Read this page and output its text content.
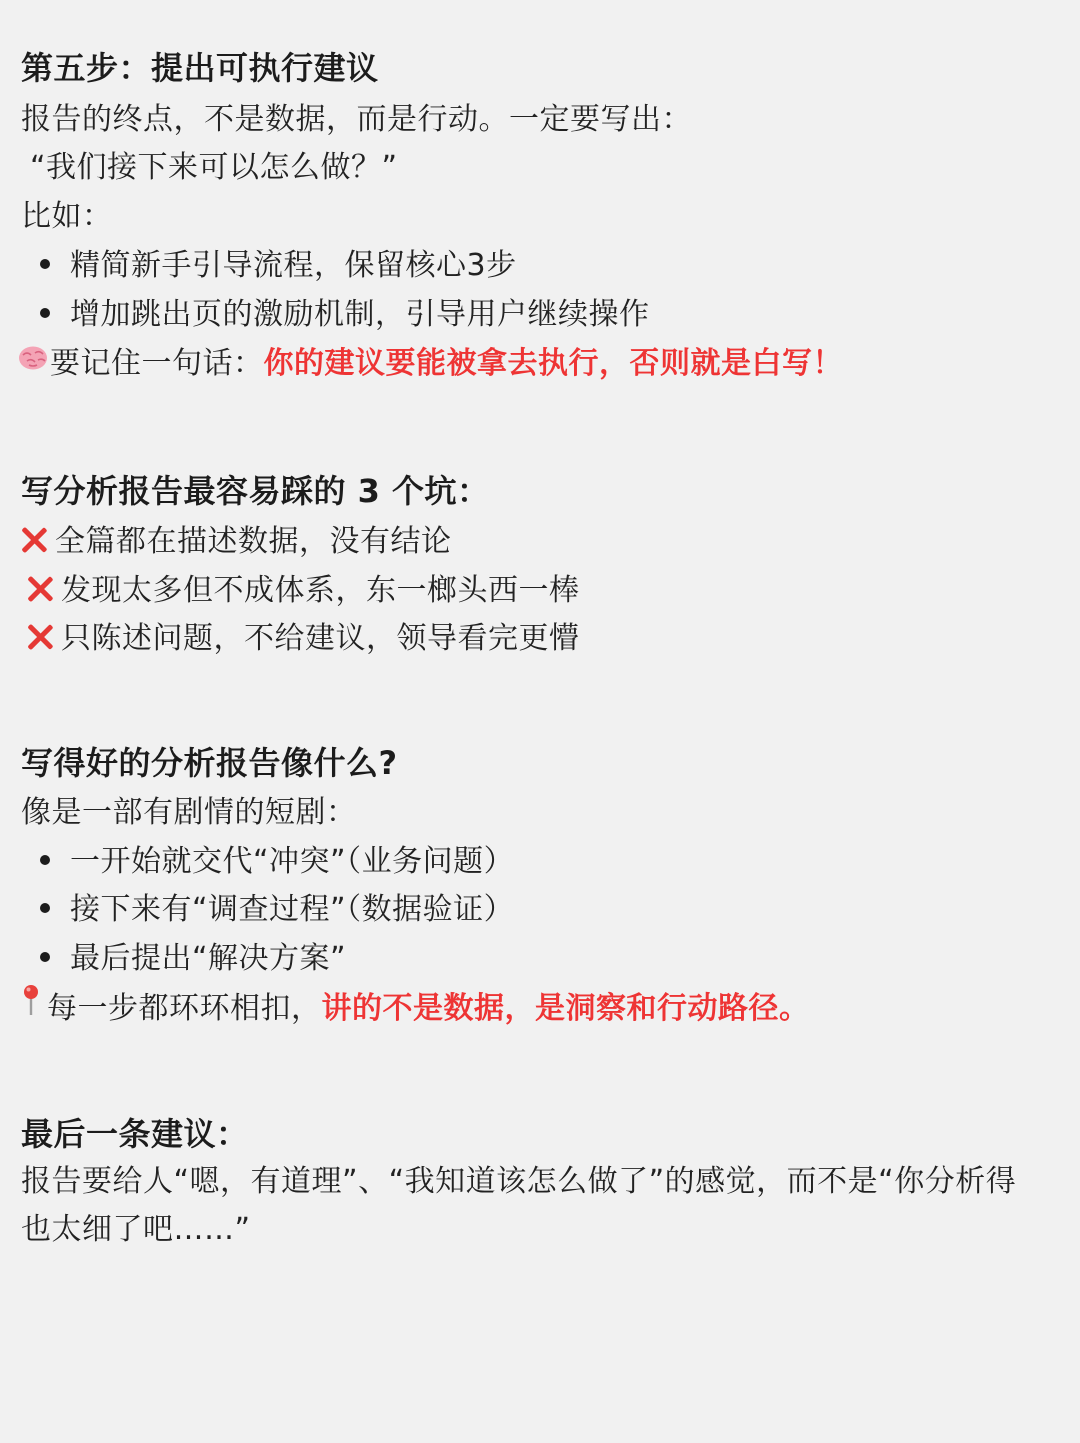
第五步：提出可执行建议
报告的终点，不是数据，而是行动。一定要写出：
“我们接下来可以怎么做？”
比如：
精简新手引导流程，保留核心3步
增加跳出页的激励机制，引导用户继续操作
要记住一句话：你的建议要能被拿去执行，否则就是白写！
写分析报告最容易踩的 3 个坑：
全篇都在描述数据，没有结论
发现太多但不成体系，东一榔头西一棒
只陈述问题，不给建议，领导看完更懵
写得好的分析报告像什么?
像是一部有剧情的短剧：
一开始就交代“冲突”（业务问题）
接下来有“调查过程”（数据验证）
最后提出“解决方案”
每一步都环环相扣，讲的不是数据，是洞察和行动路径。
最后一条建议：
报告要给人“嗯，有道理”、“我知道该怎么做了”的感觉，而不是“你分析得
也太细了吧……”
